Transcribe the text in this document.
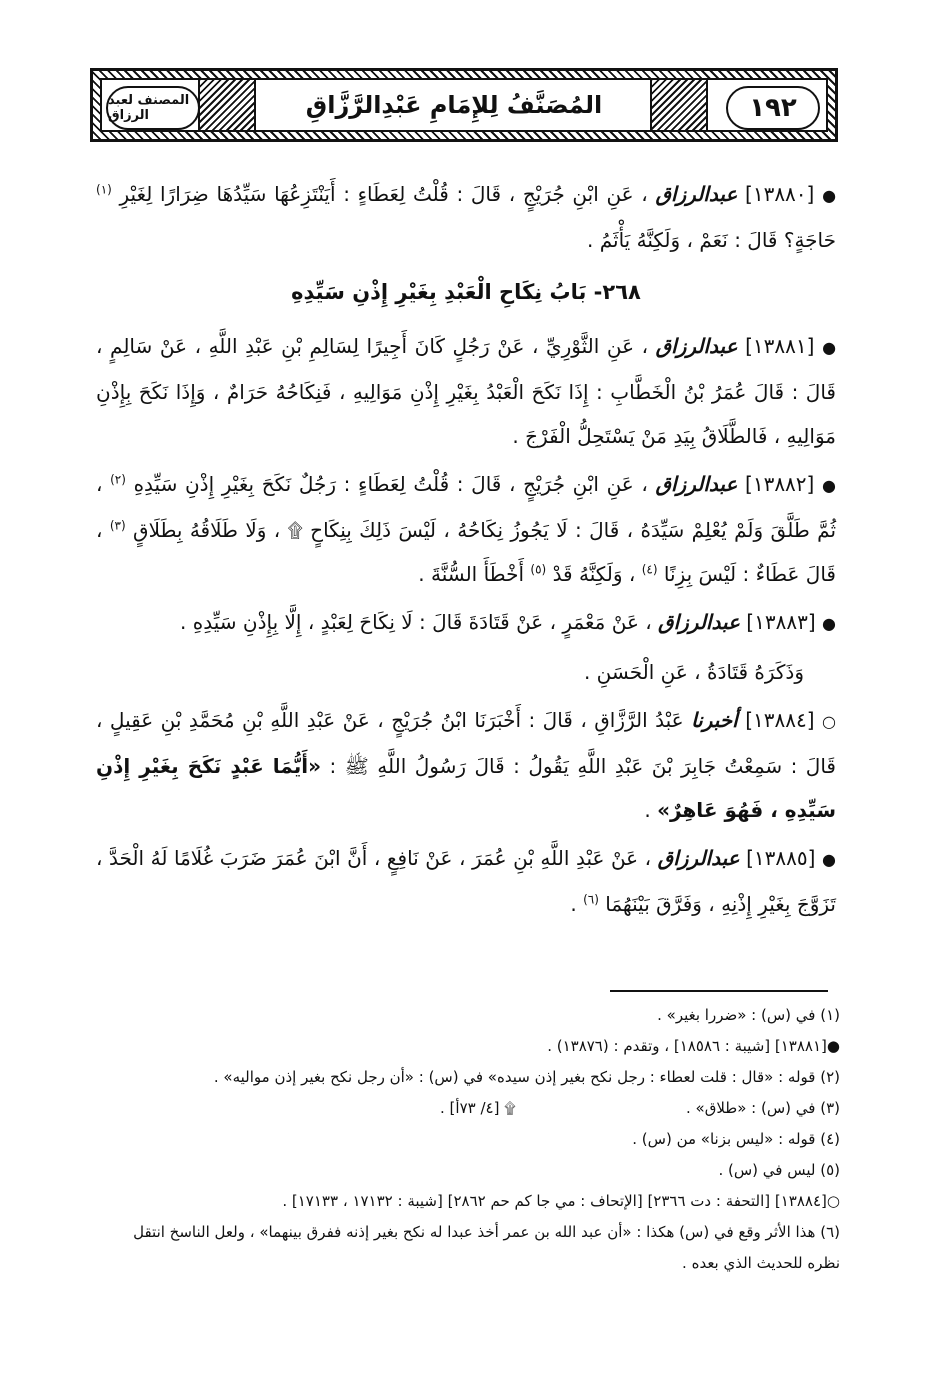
المصنف لعبد الرزاق	المُصَنَّفُ لِلإِمَامِ عَبْدِالرَّزَّاقِ	١٩٢

● [١٣٨٨٠] عبدالرزاق ، عَنِ ابْنِ جُرَيْجٍ ، قَالَ : قُلْتُ لِعَطَاءٍ : أَيَنْتَزِعُهَا سَيِّدُهَا ضِرَارًا لِغَيْرِ $^{(١)}$ حَاجَةٍ؟ قَالَ : نَعَمْ ، وَلَكِنَّهُ يَأْثَمُ .

٢٦٨- بَابُ نِكَاحِ الْعَبْدِ بِغَيْرِ إِذْنِ سَيِّدِهِ

● [١٣٨٨١] عبدالرزاق ، عَنِ الثَّوْرِيِّ ، عَنْ رَجُلٍ كَانَ أَجِيرًا لِسَالِمِ بْنِ عَبْدِ اللَّهِ ، عَنْ سَالِمٍ ، قَالَ : قَالَ عُمَرُ بْنُ الْخَطَّابِ : إِذَا نَكَحَ الْعَبْدُ بِغَيْرِ إِذْنِ مَوَالِيهِ ، فَنِكَاحُهُ حَرَامٌ ، وَإِذَا نَكَحَ بِإِذْنِ مَوَالِيهِ ، فَالطَّلَاقُ بِيَدِ مَنْ يَسْتَحِلُّ الْفَرْجَ .

● [١٣٨٨٢] عبدالرزاق ، عَنِ ابْنِ جُرَيْجٍ ، قَالَ : قُلْتُ لِعَطَاءٍ : رَجُلٌ نَكَحَ بِغَيْرِ إِذْنِ سَيِّدِهِ $^{(٢)}$ ، ثُمَّ طَلَّقَ وَلَمْ يُعْلِمْ سَيِّدَهُ ، قَالَ : لَا يَجُوزُ نِكَاحُهُ ، لَيْسَ ذَلِكَ بِنِكَاحٍ ۩ ، وَلَا طَلَاقُهُ بِطَلَاقٍ $^{(٣)}$ ، قَالَ عَطَاءٌ : لَيْسَ بِزِنًا $^{(٤)}$ ، وَلَكِنَّهُ قَدْ $^{(٥)}$ أَخْطَأَ السُّنَّةَ .

● [١٣٨٨٣] عبدالرزاق ، عَنْ مَعْمَرٍ ، عَنْ قَتَادَةَ قَالَ : لَا نِكَاحَ لِعَبْدٍ ، إِلَّا بِإِذْنِ سَيِّدِهِ .

وَذَكَرَهُ قَتَادَةُ ، عَنِ الْحَسَنِ .

○ [١٣٨٨٤] أخبرنا عَبْدُ الرَّزَّاقِ ، قَالَ : أَخْبَرَنَا ابْنُ جُرَيْجٍ ، عَنْ عَبْدِ اللَّهِ بْنِ مُحَمَّدِ بْنِ عَقِيلٍ ، قَالَ : سَمِعْتُ جَابِرَ بْنَ عَبْدِ اللَّهِ يَقُولُ : قَالَ رَسُولُ اللَّهِ ﷺ : «أَيُّمَا عَبْدٍ نَكَحَ بِغَيْرِ إِذْنِ سَيِّدِهِ ، فَهُوَ عَاهِرٌ» .

● [١٣٨٨٥] عبدالرزاق ، عَنْ عَبْدِ اللَّهِ بْنِ عُمَرَ ، عَنْ نَافِعٍ ، أَنَّ ابْنَ عُمَرَ ضَرَبَ غُلَامًا لَهُ الْحَدَّ ، تَزَوَّجَ بِغَيْرِ إِذْنِهِ ، وَفَرَّقَ بَيْنَهُمَا $^{(٦)}$ .

(١) في (س) : «ضررا بغير» .

●[١٣٨٨١] [شيبة : ١٨٥٨٦] ، وتقدم : (١٣٨٧٦) .

(٢) قوله : «قال : قلت لعطاء : رجل نكح بغير إذن سيده» في (س) : «أن رجل نكح بغير إذن مواليه» .

(٣) في (س) : «طلاق» .
۩ [٤/ ٧٣أ] .

(٤) قوله : «ليس بزنا» من (س) .

(٥) ليس في (س) .

○[١٣٨٨٤] [التحفة : دت ٢٣٦٦] [الإتحاف : مي جا كم حم ٢٨٦٢] [شيبة : ١٧١٣٢ ، ١٧١٣٣] .

(٦) هذا الأثر وقع في (س) هكذا : «أن عبد الله بن عمر أخذ عبدا له نكح بغير إذنه ففرق بينهما» ، ولعل الناسخ انتقل نظره للحديث الذي بعده .
